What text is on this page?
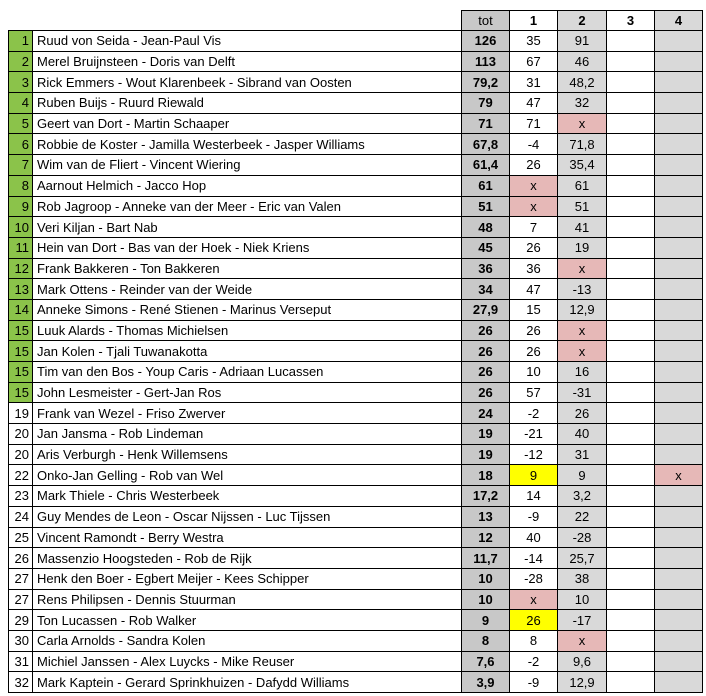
		tot	1	2	3	4
1	Ruud von Seida - Jean-Paul Vis	126	35	91		
2	Merel Bruijnsteen - Doris van Delft	113	67	46		
3	Rick Emmers - Wout Klarenbeek - Sibrand van Oosten	79,2	31	48,2		
4	Ruben Buijs - Ruurd Riewald	79	47	32		
5	Geert van Dort - Martin Schaaper	71	71	x		
6	Robbie de Koster - Jamilla Westerbeek - Jasper Williams	67,8	-4	71,8		
7	Wim van de Fliert - Vincent Wiering	61,4	26	35,4		
8	Aarnout Helmich - Jacco Hop	61	x	61		
9	Rob Jagroop - Anneke van der Meer - Eric van Valen	51	x	51		
10	Veri Kiljan - Bart Nab	48	7	41		
11	Hein van Dort - Bas van der Hoek - Niek Kriens	45	26	19		
12	Frank Bakkeren - Ton Bakkeren	36	36	x		
13	Mark Ottens - Reinder van der Weide	34	47	-13		
14	Anneke Simons - René Stienen - Marinus Verseput	27,9	15	12,9		
15	Luuk Alards - Thomas Michielsen	26	26	x		
15	Jan Kolen - Tjali Tuwanakotta	26	26	x		
15	Tim van den Bos - Youp Caris - Adriaan Lucassen	26	10	16		
15	John Lesmeister - Gert-Jan Ros	26	57	-31		
19	Frank van Wezel - Friso Zwerver	24	-2	26		
20	Jan Jansma - Rob Lindeman	19	-21	40		
20	Aris Verburgh - Henk Willemsens	19	-12	31		
22	Onko-Jan Gelling - Rob van Wel	18	9	9		x
23	Mark Thiele - Chris Westerbeek	17,2	14	3,2		
24	Guy Mendes de Leon - Oscar Nijssen - Luc Tijssen	13	-9	22		
25	Vincent Ramondt - Berry Westra	12	40	-28		
26	Massenzio Hoogsteden - Rob de Rijk	11,7	-14	25,7		
27	Henk den Boer - Egbert Meijer - Kees Schipper	10	-28	38		
27	Rens Philipsen - Dennis Stuurman	10	x	10		
29	Ton Lucassen - Rob Walker	9	26	-17		
30	Carla Arnolds - Sandra Kolen	8	8	x		
31	Michiel Janssen - Alex Luycks - Mike Reuser	7,6	-2	9,6		
32	Mark Kaptein - Gerard Sprinkhuizen - Dafydd Williams	3,9	-9	12,9		
